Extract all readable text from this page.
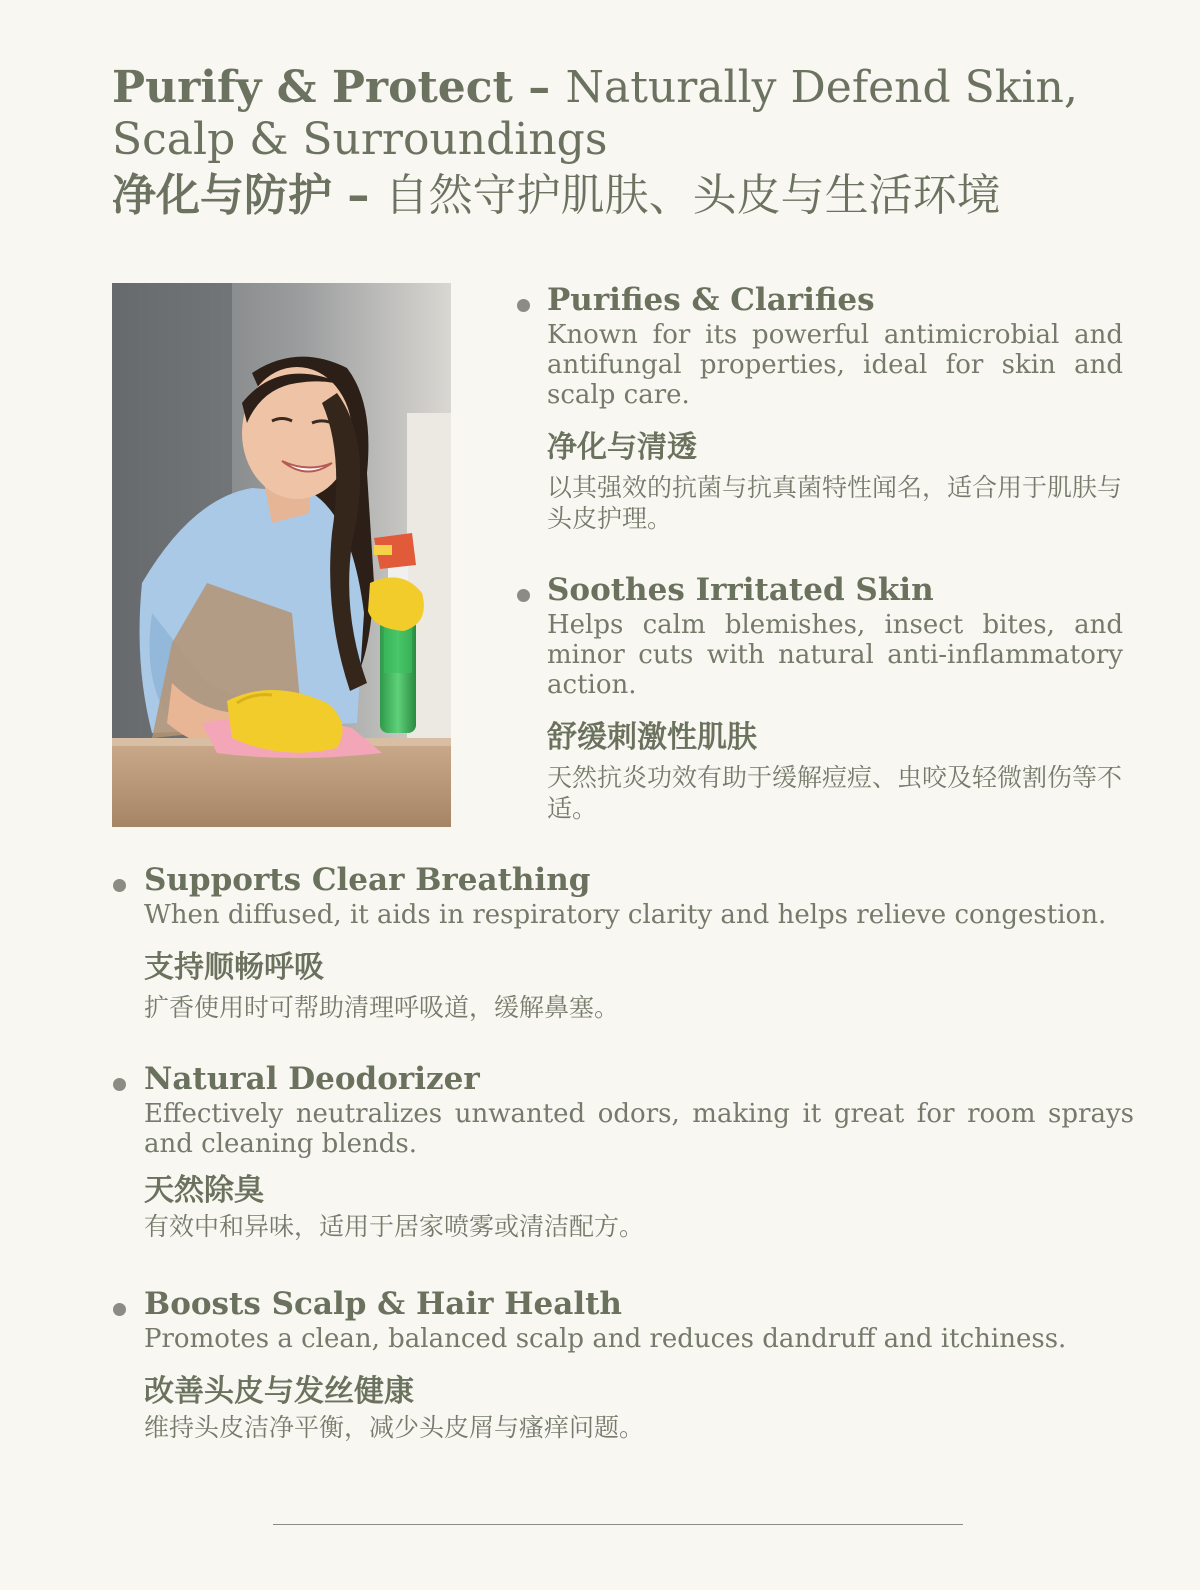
Purify & Protect – Naturally Defend Skin, Scalp & Surroundings
净化与防护 – 自然守护肌肤、头皮与生活环境
Purifies & Clarifies

Known for its powerful antimicrobial and antifungal properties, ideal for skin and scalp care.

净化与清透

以其强效的抗菌与抗真菌特性闻名，适合用于肌肤与头皮护理。

Soothes Irritated Skin

Helps calm blemishes, insect bites, and minor cuts with natural anti-inflammatory action.

舒缓刺激性肌肤

天然抗炎功效有助于缓解痘痘、虫咬及轻微割伤等不适。

Supports Clear Breathing

When diffused, it aids in respiratory clarity and helps relieve congestion.

支持顺畅呼吸

扩香使用时可帮助清理呼吸道，缓解鼻塞。

Natural Deodorizer

Effectively neutralizes unwanted odors, making it great for room sprays and cleaning blends.

天然除臭

有效中和异味，适用于居家喷雾或清洁配方。

Boosts Scalp & Hair Health

Promotes a clean, balanced scalp and reduces dandruff and itchiness.

改善头皮与发丝健康

维持头皮洁净平衡，减少头皮屑与瘙痒问题。
